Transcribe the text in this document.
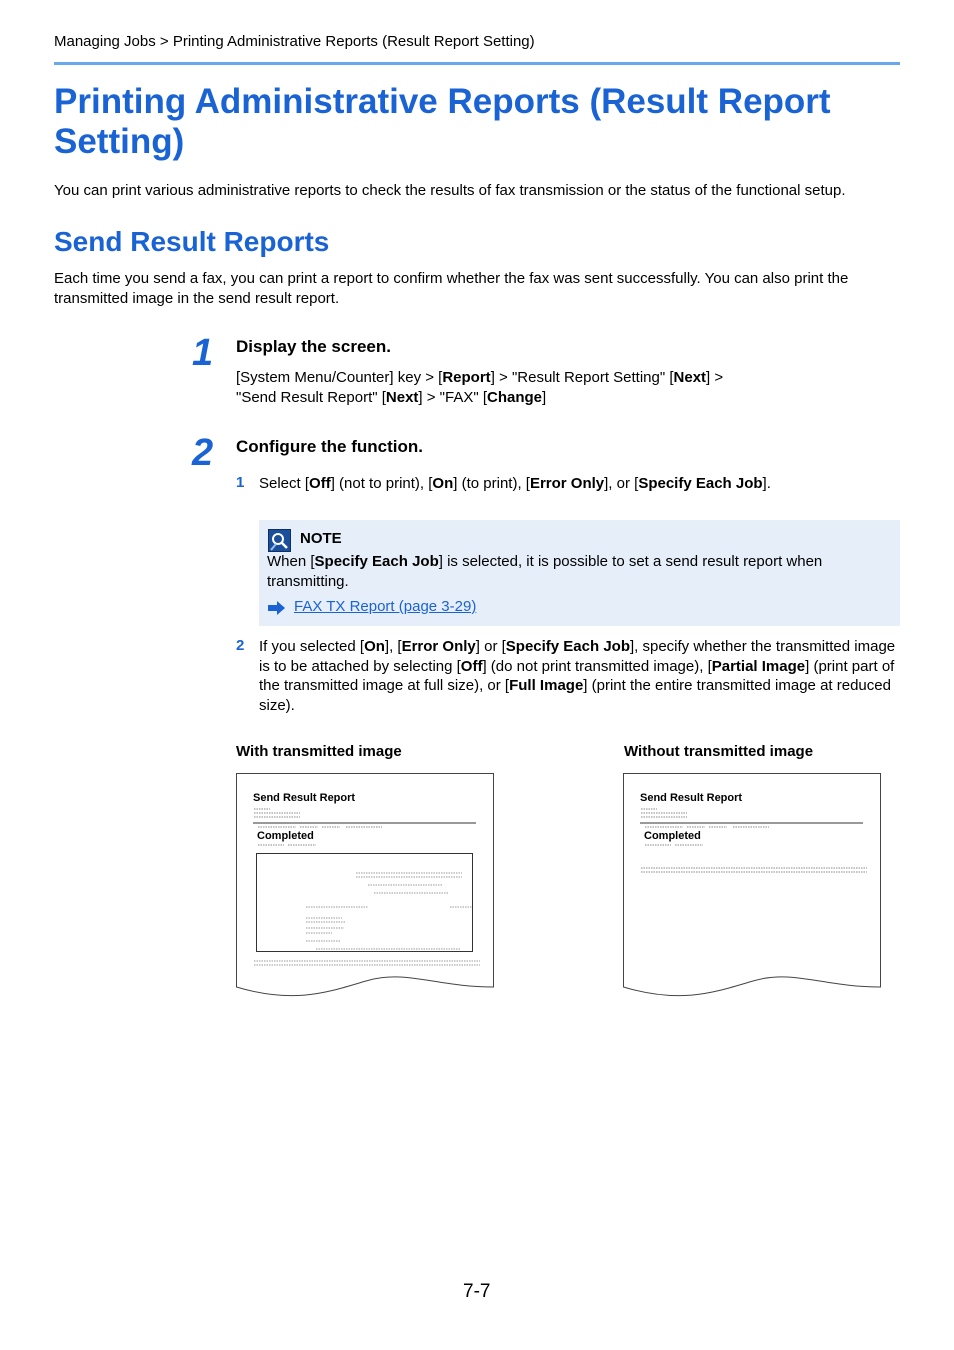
Managing Jobs > Printing Administrative Reports (Result Report Setting)
Printing Administrative Reports (Result Report Setting)
You can print various administrative reports to check the results of fax transmission or the status of the functional setup.
Send Result Reports
Each time you send a fax, you can print a report to confirm whether the fax was sent successfully. You can also print the transmitted image in the send result report.
1 Display the screen.
[System Menu/Counter] key > [Report] > "Result Report Setting" [Next] >
"Send Result Report" [Next] > "FAX" [Change]
2 Configure the function.
1 Select [Off] (not to print), [On] (to print), [Error Only], or [Specify Each Job].
NOTE
When [Specify Each Job] is selected, it is possible to set a send result report when transmitting.
FAX TX Report (page 3-29)
2 If you selected [On], [Error Only] or [Specify Each Job], specify whether the transmitted image is to be attached by selecting [Off] (do not print transmitted image), [Partial Image] (print part of the transmitted image at full size), or [Full Image] (print the entire transmitted image at reduced size).
With transmitted image	Without transmitted image
Send Result Report
Completed
Send Result Report
Completed
7-7
